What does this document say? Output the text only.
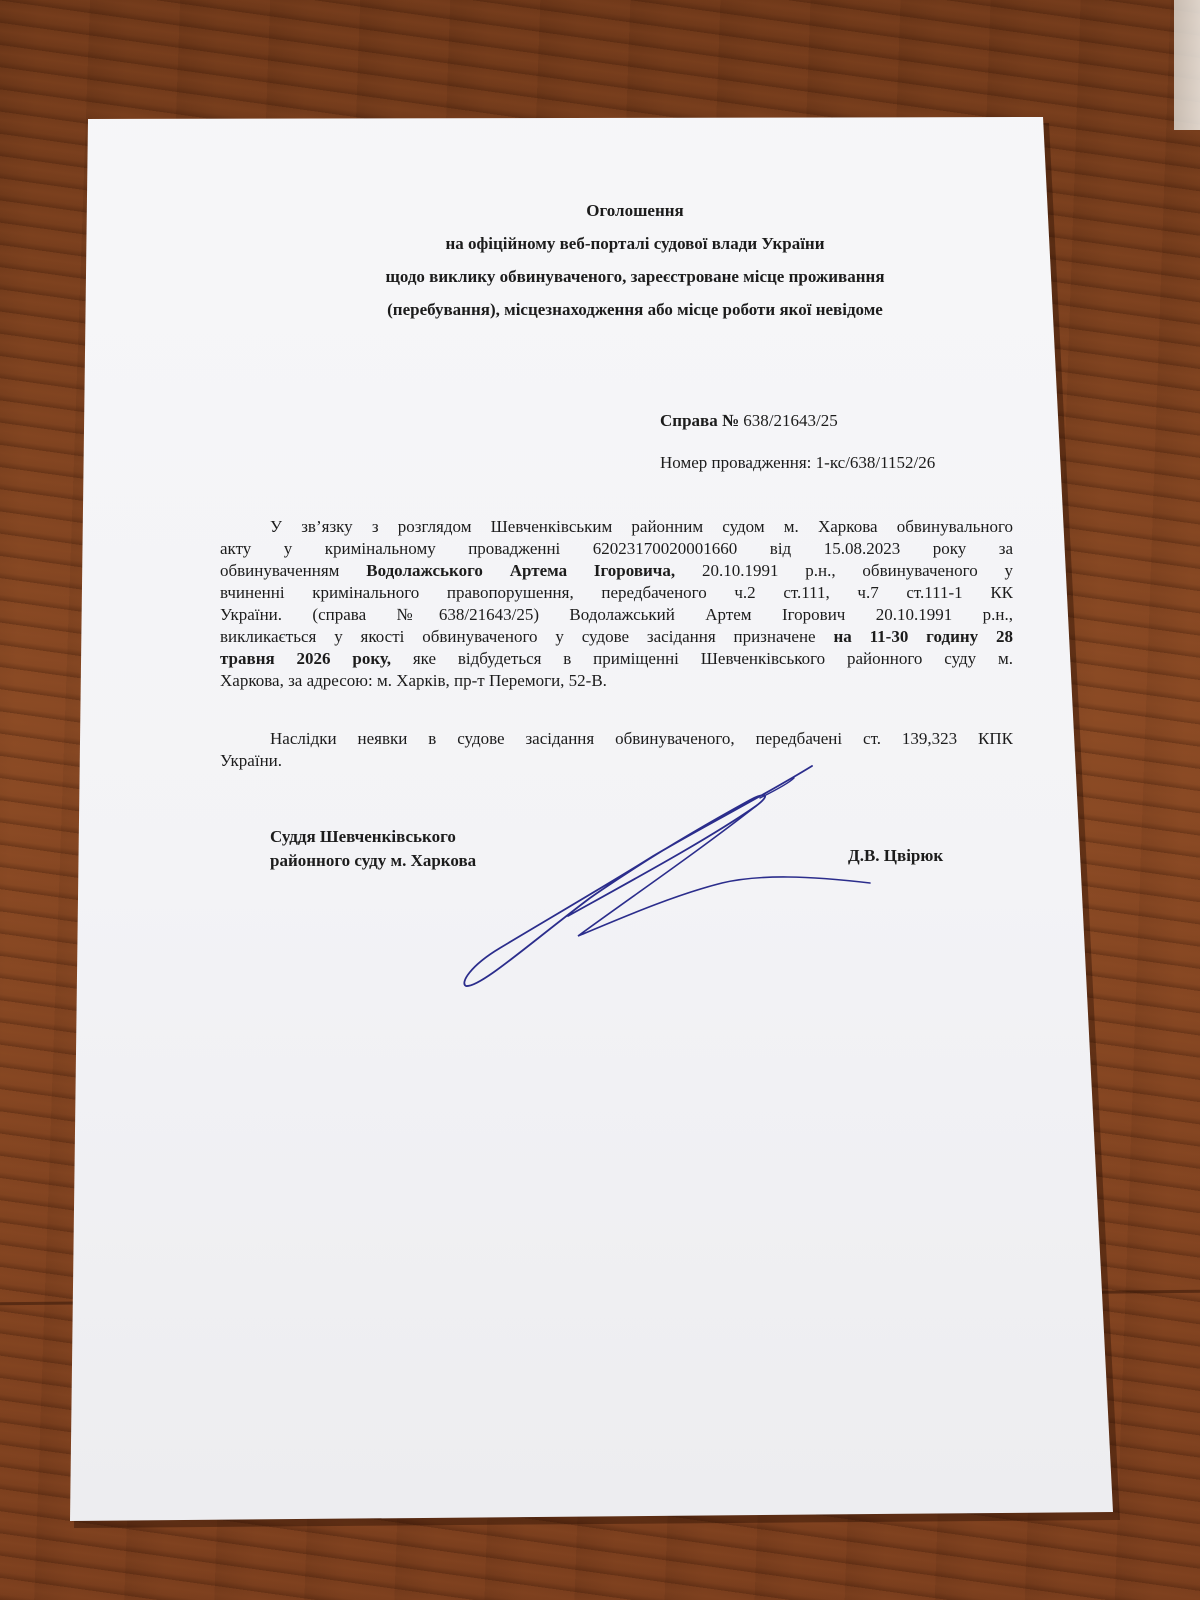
Оголошення

на офіційному веб-порталі судової влади України

щодо виклику обвинуваченого, зареєстроване місце проживання

(перебування), місцезнаходження або місце роботи якої невідоме

Справа № 638/21643/25

Номер провадження: 1-кс/638/1152/26

У зв’язку з розглядом Шевченківським районним судом м. Харкова обвинувального
акту у кримінальному провадженні 62023170020001660 від 15.08.2023 року за
обвинуваченням Водолажського Артема Ігоровича, 20.10.1991 р.н., обвинуваченого у
вчиненні кримінального правопорушення, передбаченого ч.2 ст.111, ч.7 ст.111-1 КК
України. (справа №638/21643/25) Водолажський Артем Ігорович 20.10.1991 р.н.,
викликається у якості обвинуваченого у судове засідання призначене на 11-30 годину 28
травня 2026 року, яке відбудеться в приміщенні Шевченківського районного суду м.
Харкова, за адресою: м. Харків, пр-т Перемоги, 52-В.
Наслідки неявки в судове засідання обвинуваченого, передбачені ст. 139,323 КПК
України.

Суддя Шевченківського

районного суду м. Харкова	Д.В. Цвірюк
